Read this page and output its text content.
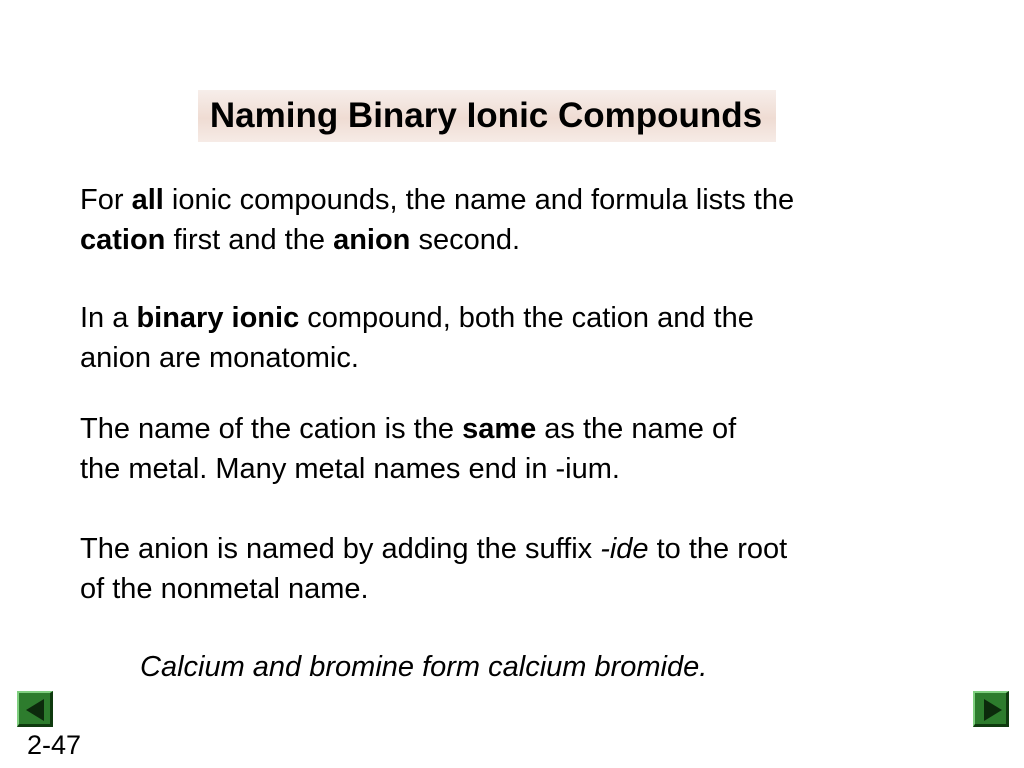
Naming Binary Ionic Compounds

For all ionic compounds, the name and formula lists the
cation first and the anion second.

In a binary ionic compound, both the cation and the
anion are monatomic.

The name of the cation is the same as the name of
the metal. Many metal names end in -ium.

The anion is named by adding the suffix -ide to the root
of the nonmetal name.

Calcium and bromine form calcium bromide.
2-47
